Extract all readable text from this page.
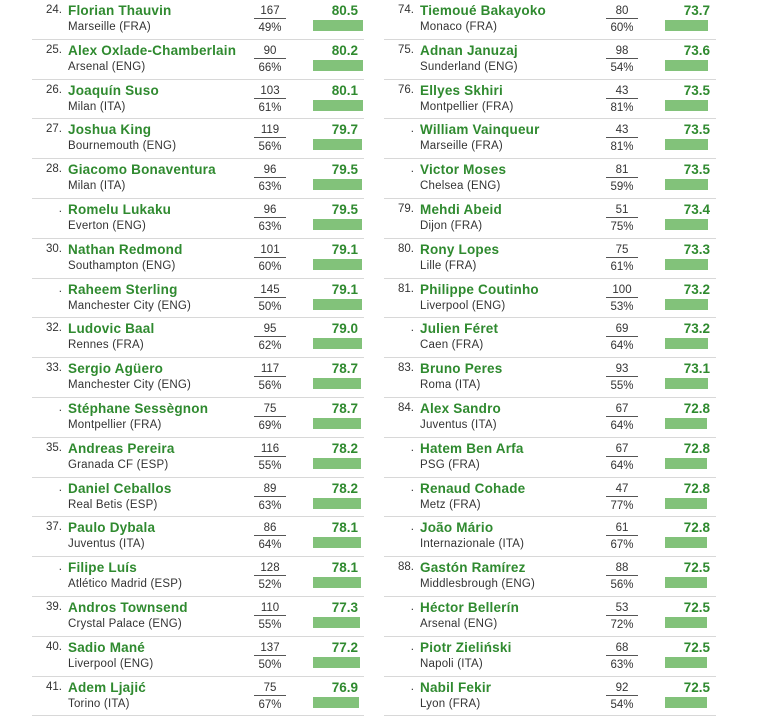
24. Florian Thauvin
Marseille (FRA)
167
49%
80.5
25. Alex Oxlade-Chamberlain
Arsenal (ENG)
90
66%
80.2
26. Joaquín Suso
Milan (ITA)
103
61%
80.1
27. Joshua King
Bournemouth (ENG)
119
56%
79.7
28. Giacomo Bonaventura
Milan (ITA)
96
63%
79.5
. Romelu Lukaku
Everton (ENG)
96
63%
79.5
30. Nathan Redmond
Southampton (ENG)
101
60%
79.1
. Raheem Sterling
Manchester City (ENG)
145
50%
79.1
32. Ludovic Baal
Rennes (FRA)
95
62%
79.0
33. Sergio Agüero
Manchester City (ENG)
117
56%
78.7
. Stéphane Sessègnon
Montpellier (FRA)
75
69%
78.7
35. Andreas Pereira
Granada CF (ESP)
116
55%
78.2
. Daniel Ceballos
Real Betis (ESP)
89
63%
78.2
37. Paulo Dybala
Juventus (ITA)
86
64%
78.1
. Filipe Luís
Atlético Madrid (ESP)
128
52%
78.1
39. Andros Townsend
Crystal Palace (ENG)
110
55%
77.3
40. Sadio Mané
Liverpool (ENG)
137
50%
77.2
41. Adem Ljajić
Torino (ITA)
75
67%
76.9
74. Tiemoué Bakayoko
Monaco (FRA)
80
60%
73.7
75. Adnan Januzaj
Sunderland (ENG)
98
54%
73.6
76. Ellyes Skhiri
Montpellier (FRA)
43
81%
73.5
. William Vainqueur
Marseille (FRA)
43
81%
73.5
. Victor Moses
Chelsea (ENG)
81
59%
73.5
79. Mehdi Abeid
Dijon (FRA)
51
75%
73.4
80. Rony Lopes
Lille (FRA)
75
61%
73.3
81. Philippe Coutinho
Liverpool (ENG)
100
53%
73.2
. Julien Féret
Caen (FRA)
69
64%
73.2
83. Bruno Peres
Roma (ITA)
93
55%
73.1
84. Alex Sandro
Juventus (ITA)
67
64%
72.8
. Hatem Ben Arfa
PSG (FRA)
67
64%
72.8
. Renaud Cohade
Metz (FRA)
47
77%
72.8
. João Mário
Internazionale (ITA)
61
67%
72.8
88. Gastón Ramírez
Middlesbrough (ENG)
88
56%
72.5
. Héctor Bellerín
Arsenal (ENG)
53
72%
72.5
. Piotr Zieliński
Napoli (ITA)
68
63%
72.5
. Nabil Fekir
Lyon (FRA)
92
54%
72.5
